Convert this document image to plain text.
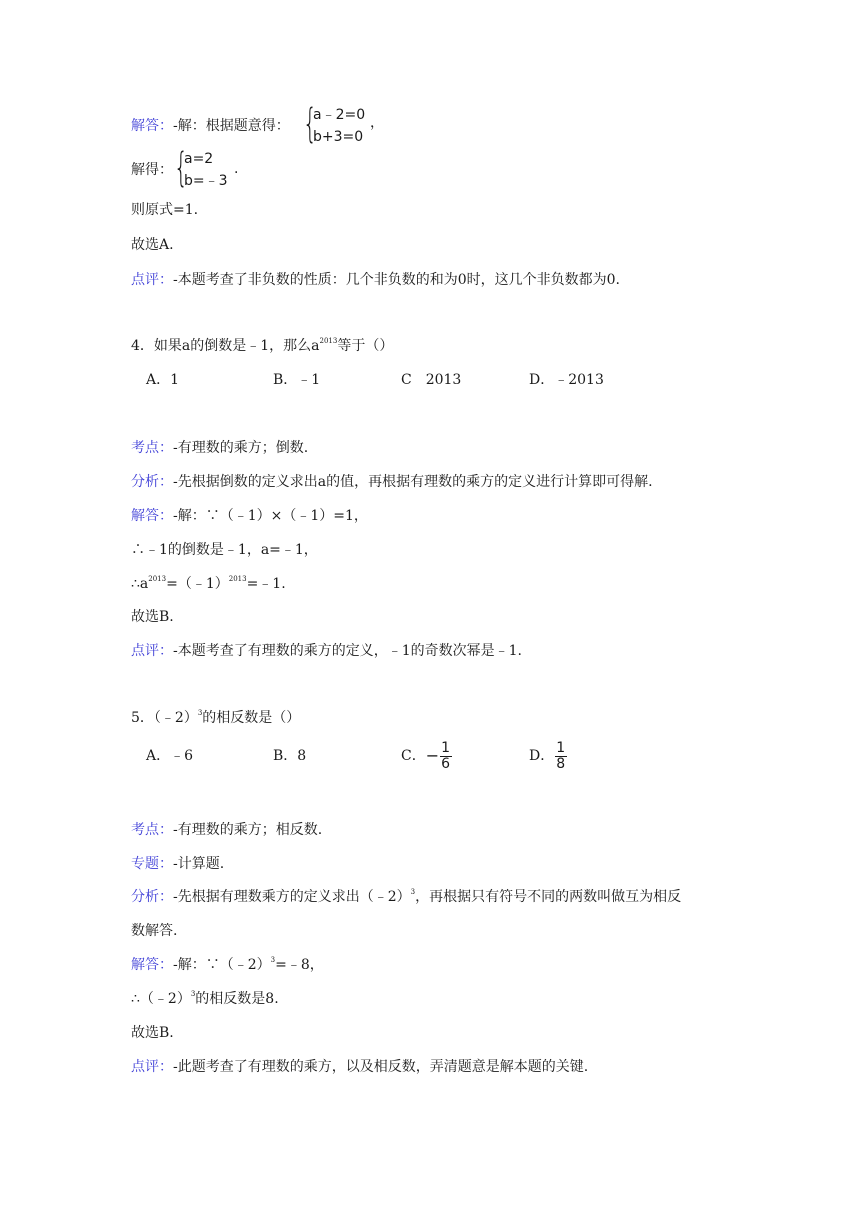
解答：-解：根据题意得： {
a﹣2=0
b+3=0
，
解得： {
a=2
b=﹣3
.
则原式=1.
故选A.
点评：-本题考查了非负数的性质：几个非负数的和为0时，这几个非负数都为0.
4．如果a的倒数是﹣1，那么$a^{2013}$等于（）
A．1	B．﹣1	C　2013	D．﹣2013
考点：-有理数的乘方；倒数.
分析：-先根据倒数的定义求出a的值，再根据有理数的乘方的定义进行计算即可得解.
解答：-解：∵（﹣1）×（﹣1）=1，
∴﹣1的倒数是﹣1，a=﹣1，
$\therefore a^{2013}=(﹣1)^{2013}=﹣1$.
故选B.
点评：-本题考查了有理数的乘方的定义，﹣1的奇数次幂是﹣1.
5．（﹣2）$^3$的相反数是（）
A．﹣6	B．8	C．− $\frac{1}{6}$	D． $\frac{1}{8}$
考点：-有理数的乘方；相反数.
专题：-计算题.
分析：-先根据有理数乘方的定义求出（﹣2）$^3$，再根据只有符号不同的两数叫做互为相反
数解答.
解答：-解：∵（﹣2）$^3$=﹣8，
∴（﹣2）$^3$的相反数是8.
故选B.
点评：-此题考查了有理数的乘方，以及相反数，弄清题意是解本题的关键.
